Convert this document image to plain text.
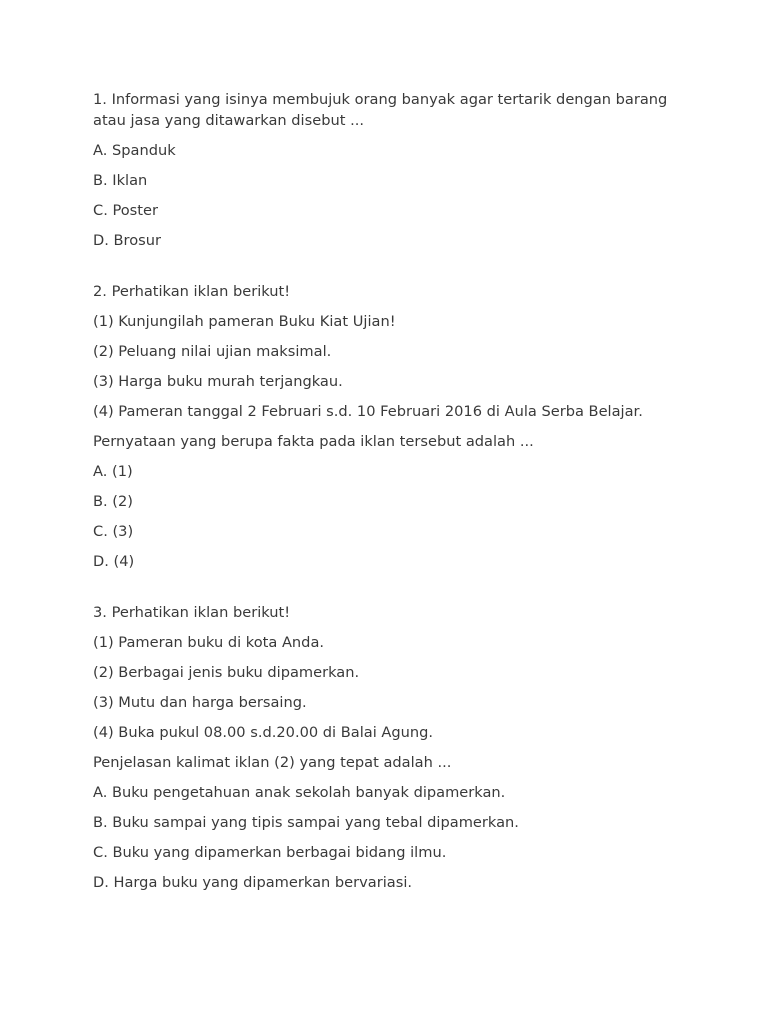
1. Informasi yang isinya membujuk orang banyak agar tertarik dengan barang atau jasa yang ditawarkan disebut ...

A. Spanduk

B. Iklan

C. Poster

D. Brosur

2. Perhatikan iklan berikut!

(1) Kunjungilah pameran Buku Kiat Ujian!

(2) Peluang nilai ujian maksimal.

(3) Harga buku murah terjangkau.

(4) Pameran tanggal 2 Februari s.d. 10 Februari 2016 di Aula Serba Belajar.

Pernyataan yang berupa fakta pada iklan tersebut adalah ...

A. (1)

B. (2)

C. (3)

D. (4)

3. Perhatikan iklan berikut!

(1) Pameran buku di kota Anda.

(2) Berbagai jenis buku dipamerkan.

(3) Mutu dan harga bersaing.

(4) Buka pukul 08.00 s.d.20.00 di Balai Agung.

Penjelasan kalimat iklan (2) yang tepat adalah ...

A. Buku pengetahuan anak sekolah banyak dipamerkan.

B. Buku sampai yang tipis sampai yang tebal dipamerkan.

C. Buku yang dipamerkan berbagai bidang ilmu.

D. Harga buku yang dipamerkan bervariasi.
